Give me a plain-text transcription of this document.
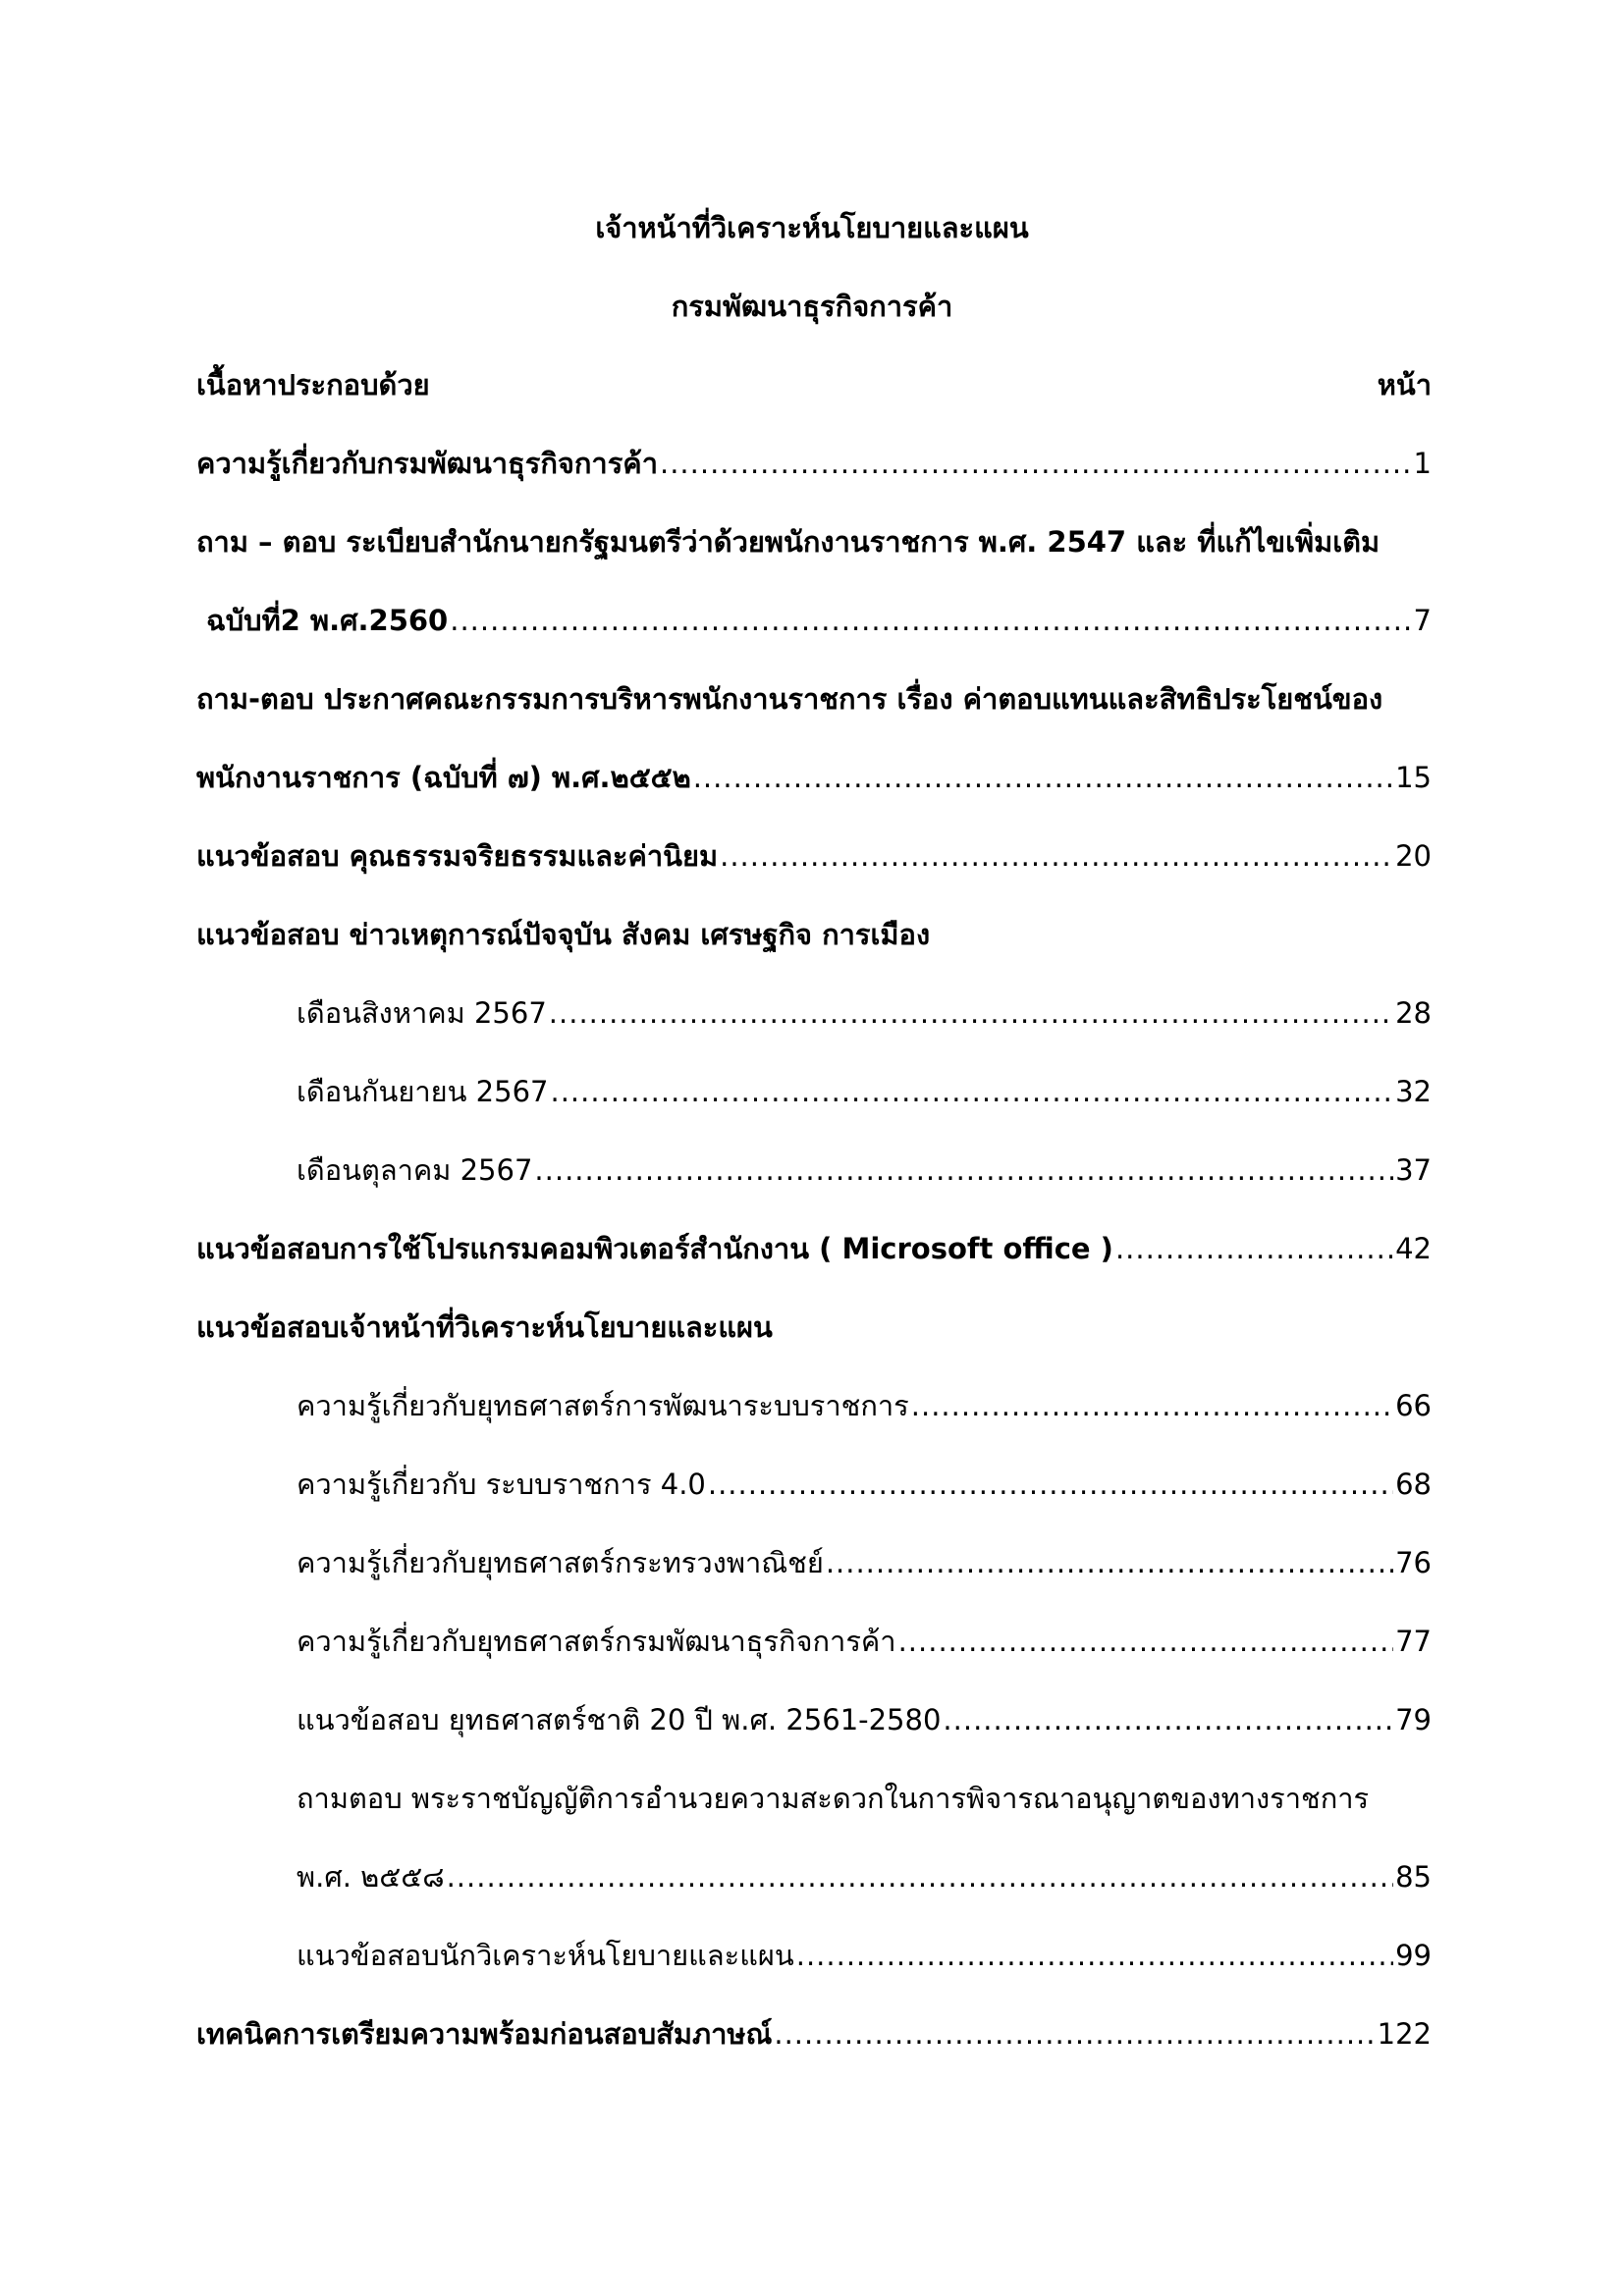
เจ้าหน้าที่วิเคราะห์นโยบายและแผน
กรมพัฒนาธุรกิจการค้า
เนื้อหาประกอบด้วย	หน้า
ความรู้เกี่ยวกับกรมพัฒนาธุรกิจการค้า .....	1
ถาม – ตอบ ระเบียบสำนักนายกรัฐมนตรีว่าด้วยพนักงานราชการ พ.ศ. 2547 และ ที่แก้ไขเพิ่มเติม
ฉบับที่2 พ.ศ.2560 .....	7
ถาม-ตอบ ประกาศคณะกรรมการบริหารพนักงานราชการ เรื่อง ค่าตอบแทนและสิทธิประโยชน์ของ
พนักงานราชการ (ฉบับที่ ๗) พ.ศ.๒๕๕๒ .....	15
แนวข้อสอบ คุณธรรมจริยธรรมและค่านิยม .....	20
แนวข้อสอบ ข่าวเหตุการณ์ปัจจุบัน สังคม เศรษฐกิจ การเมือง
เดือนสิงหาคม 2567 .....	28
เดือนกันยายน 2567 .....	32
เดือนตุลาคม 2567 .....	37
แนวข้อสอบการใช้โปรแกรมคอมพิวเตอร์สำนักงาน ( Microsoft office ) .....	42
แนวข้อสอบเจ้าหน้าที่วิเคราะห์นโยบายและแผน
ความรู้เกี่ยวกับยุทธศาสตร์การพัฒนาระบบราชการ .....	66
ความรู้เกี่ยวกับ ระบบราชการ 4.0 .....	68
ความรู้เกี่ยวกับยุทธศาสตร์กระทรวงพาณิชย์ .....	76
ความรู้เกี่ยวกับยุทธศาสตร์กรมพัฒนาธุรกิจการค้า .....	77
แนวข้อสอบ ยุทธศาสตร์ชาติ 20 ปี พ.ศ. 2561-2580 .....	79
ถามตอบ พระราชบัญญัติการอำนวยความสะดวกในการพิจารณาอนุญาตของทางราชการ
พ.ศ. ๒๕๕๘ .....	85
แนวข้อสอบนักวิเคราะห์นโยบายและแผน .....	99
เทคนิคการเตรียมความพร้อมก่อนสอบสัมภาษณ์ .....	122
